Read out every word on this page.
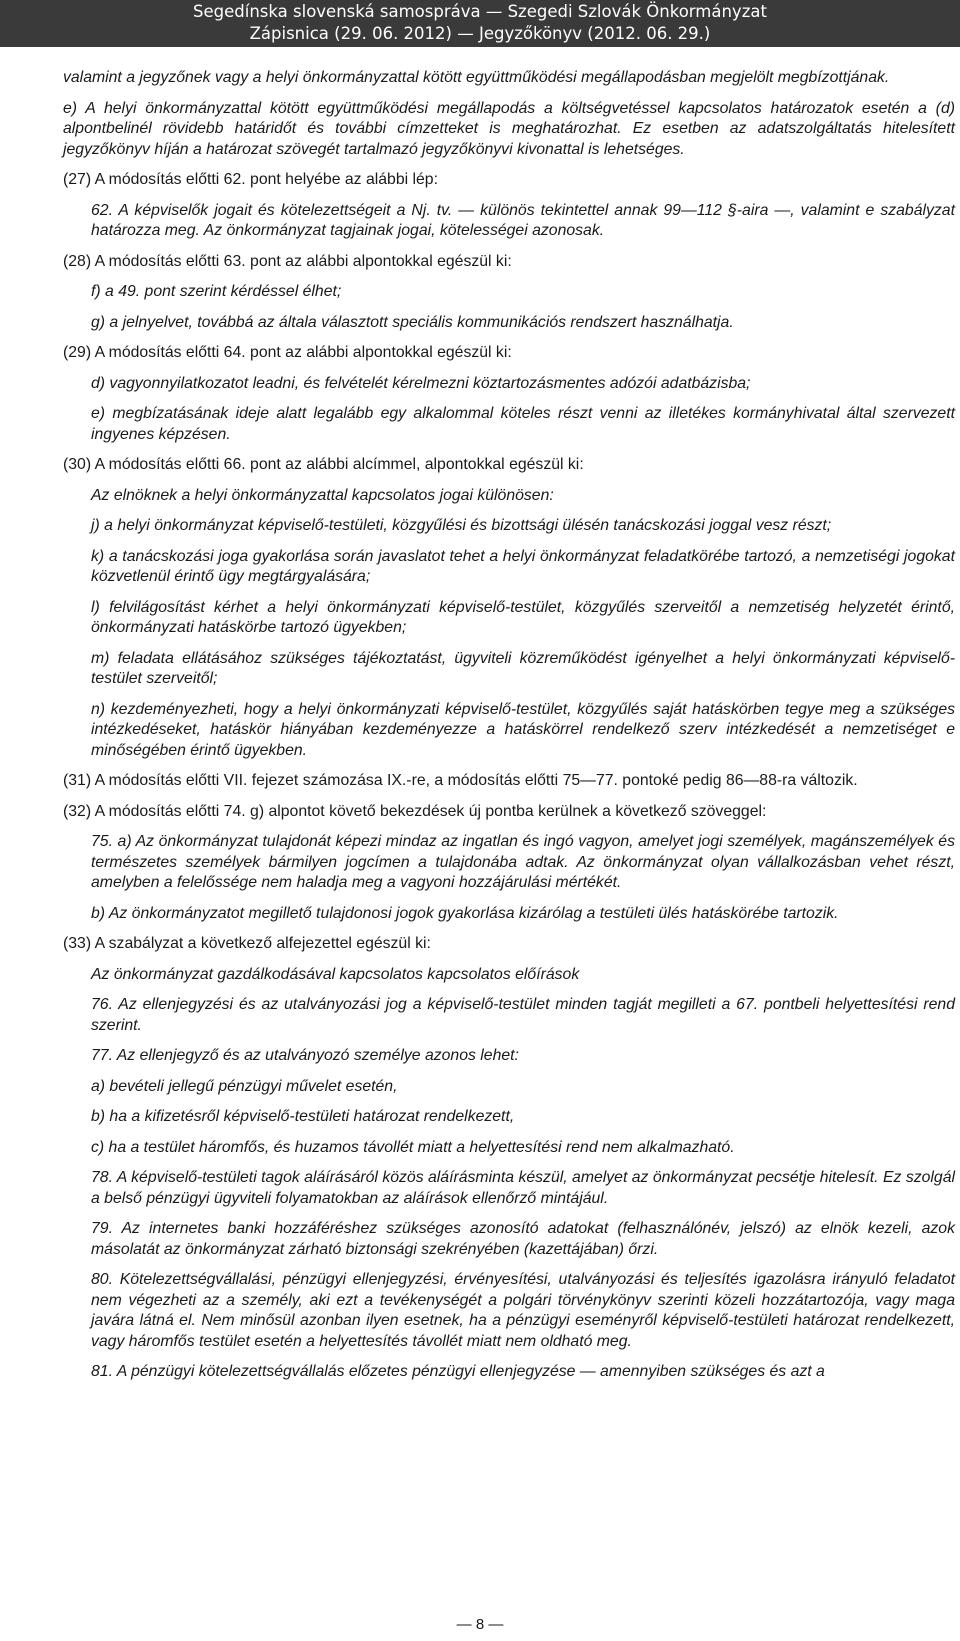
Segedínska slovenská samospráva — Szegedi Szlovák Önkormányzat
Zápisnica (29. 06. 2012) — Jegyzőkönyv (2012. 06. 29.)

valamint a jegyzőnek vagy a helyi önkormányzattal kötött együttműködési megállapodásban megjelölt megbízottjának.

e) A helyi önkormányzattal kötött együttműködési megállapodás a költségvetéssel kapcsolatos határozatok esetén a (d) alpontbelinél rövidebb határidőt és további címzetteket is meghatározhat. Ez esetben az adatszolgáltatás hitelesített jegyzőkönyv híján a határozat szövegét tartalmazó jegyzőkönyvi kivonattal is lehetséges.

(27) A módosítás előtti 62. pont helyébe az alábbi lép:

62. A képviselők jogait és kötelezettségeit a Nj. tv. — különös tekintettel annak 99—112 §-aira —, valamint e szabályzat határozza meg. Az önkormányzat tagjainak jogai, kötelességei azonosak.

(28) A módosítás előtti 63. pont az alábbi alpontokkal egészül ki:

f) a 49. pont szerint kérdéssel élhet;

g) a jelnyelvet, továbbá az általa választott speciális kommunikációs rendszert használhatja.

(29) A módosítás előtti 64. pont az alábbi alpontokkal egészül ki:

d) vagyonnyilatkozatot leadni, és felvételét kérelmezni köztartozásmentes adózói adatbázisba;

e) megbízatásának ideje alatt legalább egy alkalommal köteles részt venni az illetékes kormányhivatal által szervezett ingyenes képzésen.

(30) A módosítás előtti 66. pont az alábbi alcímmel, alpontokkal egészül ki:

Az elnöknek a helyi önkormányzattal kapcsolatos jogai különösen:

j) a helyi önkormányzat képviselő-testületi, közgyűlési és bizottsági ülésén tanácskozási joggal vesz részt;

k) a tanácskozási joga gyakorlása során javaslatot tehet a helyi önkormányzat feladatkörébe tartozó, a nemzetiségi jogokat közvetlenül érintő ügy megtárgyalására;

l) felvilágosítást kérhet a helyi önkormányzati képviselő-testület, közgyűlés szerveitől a nemzetiség helyzetét érintő, önkormányzati hatáskörbe tartozó ügyekben;

m) feladata ellátásához szükséges tájékoztatást, ügyviteli közreműködést igényelhet a helyi önkormányzati képviselő-testület szerveitől;

n) kezdeményezheti, hogy a helyi önkormányzati képviselő-testület, közgyűlés saját hatáskörben tegye meg a szükséges intézkedéseket, hatáskör hiányában kezdeményezze a hatáskörrel rendelkező szerv intézkedését a nemzetiséget e minőségében érintő ügyekben.

(31) A módosítás előtti VII. fejezet számozása IX.-re, a módosítás előtti 75—77. pontoké pedig 86—88-ra változik.

(32) A módosítás előtti 74. g) alpontot követő bekezdések új pontba kerülnek a következő szöveggel:

75. a) Az önkormányzat tulajdonát képezi mindaz az ingatlan és ingó vagyon, amelyet jogi személyek, magánszemélyek és természetes személyek bármilyen jogcímen a tulajdonába adtak. Az önkormányzat olyan vállalkozásban vehet részt, amelyben a felelőssége nem haladja meg a vagyoni hozzájárulási mértékét.

b) Az önkormányzatot megillető tulajdonosi jogok gyakorlása kizárólag a testületi ülés hatáskörébe tartozik.

(33) A szabályzat a következő alfejezettel egészül ki:

Az önkormányzat gazdálkodásával kapcsolatos kapcsolatos előírások

76. Az ellenjegyzési és az utalványozási jog a képviselő-testület minden tagját megilleti a 67. pontbeli helyettesítési rend szerint.

77. Az ellenjegyző és az utalványozó személye azonos lehet:

a) bevételi jellegű pénzügyi művelet esetén,

b) ha a kifizetésről képviselő-testületi határozat rendelkezett,

c) ha a testület háromfős, és huzamos távollét miatt a helyettesítési rend nem alkalmazható.

78. A képviselő-testületi tagok aláírásáról közös aláírásminta készül, amelyet az önkormányzat pecsétje hitelesít. Ez szolgál a belső pénzügyi ügyviteli folyamatokban az aláírások ellenőrző mintájául.

79. Az internetes banki hozzáféréshez szükséges azonosító adatokat (felhasználónév, jelszó) az elnök kezeli, azok másolatát az önkormányzat zárható biztonsági szekrényében (kazettájában) őrzi.

80. Kötelezettségvállalási, pénzügyi ellenjegyzési, érvényesítési, utalványozási és teljesítés igazolásra irányuló feladatot nem végezheti az a személy, aki ezt a tevékenységét a polgári törvénykönyv szerinti közeli hozzátartozója, vagy maga javára látná el. Nem minősül azonban ilyen esetnek, ha a pénzügyi eseményről képviselő-testületi határozat rendelkezett, vagy háromfős testület esetén a helyettesítés távollét miatt nem oldható meg.

81. A pénzügyi kötelezettségvállalás előzetes pénzügyi ellenjegyzése — amennyiben szükséges és azt a

— 8 —
